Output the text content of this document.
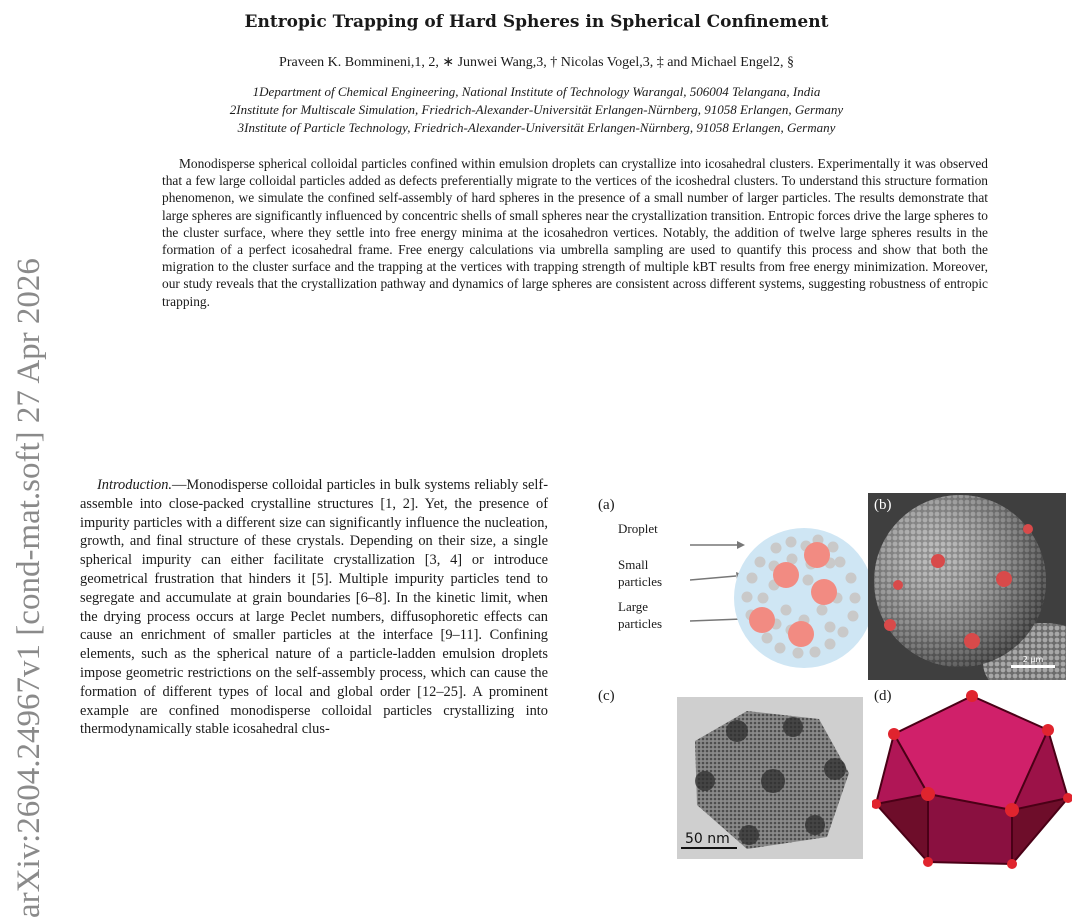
arXiv:2604.24967v1 [cond-mat.soft] 27 Apr 2026
Entropic Trapping of Hard Spheres in Spherical Confinement
Praveen K. Bommineni,1, 2, ∗ Junwei Wang,3, † Nicolas Vogel,3, ‡ and Michael Engel2, §
1Department of Chemical Engineering, National Institute of Technology Warangal, 506004 Telangana, India
2Institute for Multiscale Simulation, Friedrich-Alexander-Universität Erlangen-Nürnberg, 91058 Erlangen, Germany
3Institute of Particle Technology, Friedrich-Alexander-Universität Erlangen-Nürnberg, 91058 Erlangen, Germany
Monodisperse spherical colloidal particles confined within emulsion droplets can crystallize into icosahedral clusters. Experimentally it was observed that a few large colloidal particles added as defects preferentially migrate to the vertices of the icoshedral clusters. To understand this structure formation phenomenon, we simulate the confined self-assembly of hard spheres in the presence of a small number of larger particles. The results demonstrate that large spheres are significantly influenced by concentric shells of small spheres near the crystallization transition. Entropic forces drive the large spheres to the cluster surface, where they settle into free energy minima at the icosahedron vertices. Notably, the addition of twelve large spheres results in the formation of a perfect icosahedral frame. Free energy calculations via umbrella sampling are used to quantify this process and show that both the migration to the cluster surface and the trapping at the vertices with trapping strength of multiple kBT results from free energy minimization. Moreover, our study reveals that the crystallization pathway and dynamics of large spheres are consistent across different systems, suggesting robustness of entropic trapping.
Introduction.—Monodisperse colloidal particles in bulk systems reliably self-assemble into close-packed crystalline structures [1, 2]. Yet, the presence of impurity particles with a different size can significantly influence the nucleation, growth, and final structure of these crystals. Depending on their size, a single spherical impurity can either facilitate crystallization [3, 4] or introduce geometrical frustration that hinders it [5]. Multiple impurity particles tend to segregate and accumulate at grain boundaries [6–8]. In the kinetic limit, when the drying process occurs at large Peclet numbers, diffusophoretic effects can cause an enrichment of smaller particles at the interface [9–11]. Confining elements, such as the spherical nature of a particle-ladden emulsion droplets impose geometric restrictions on the self-assembly process, which can cause the formation of different types of local and global order [12–25]. A prominent example are confined monodisperse colloidal particles crystallizing into thermodynamically stable icosahedral clus-
(a)	(b)
(c)	(d)
Droplet
Small
particles
Large
particles
2 µm
50 nm
